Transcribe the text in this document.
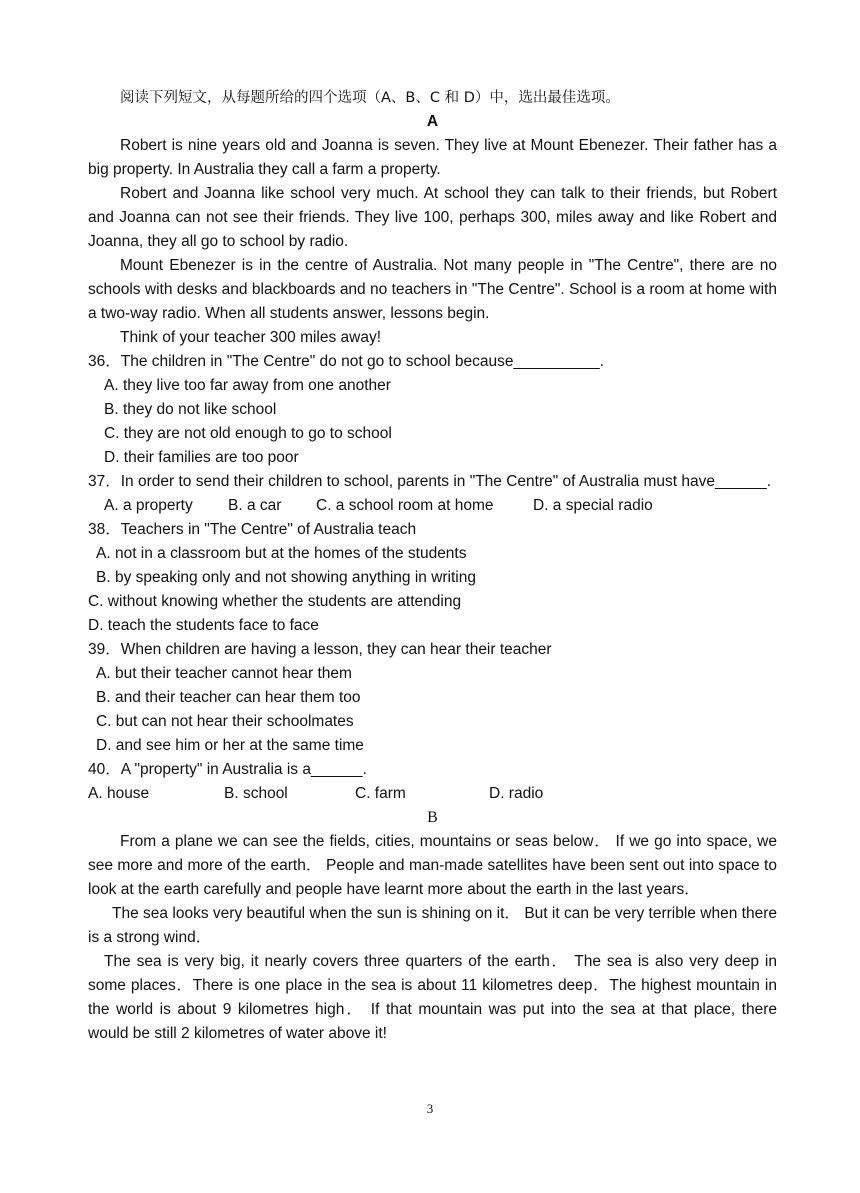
阅读下列短文，从每题所给的四个选项（A、B、C 和 D）中，选出最佳选项。
A

Robert is nine years old and Joanna is seven. They live at Mount Ebenezer. Their father has a big property. In Australia they call a farm a property.

Robert and Joanna like school very much. At school they can talk to their friends, but Robert and Joanna can not see their friends. They live 100, perhaps 300, miles away and like Robert and Joanna, they all go to school by radio.

Mount Ebenezer is in the centre of Australia. Not many people in "The Centre", there are no schools with desks and blackboards and no teachers in "The Centre". School is a room at home with a two-way radio. When all students answer, lessons begin.

Think of your teacher 300 miles away!

36．The children in "The Centre" do not go to school because__________.
A. they live too far away from one another
B. they do not like school
C. they are not old enough to go to school
D. their families are too poor

37．In order to send their children to school, parents in "The Centre" of Australia must have______.

A. a property	B. a car	C. a school room at home	D. a special radio
38．Teachers in "The Centre" of Australia teach
A. not in a classroom but at the homes of the students
B. by speaking only and not showing anything in writing
C. without knowing whether the students are attending
D. teach the students face to face
39．When children are having a lesson, they can hear their teacher
A. but their teacher cannot hear them
B. and their teacher can hear them too
C. but can not hear their schoolmates
D. and see him or her at the same time
40．A "property" in Australia is a______.
A. house	B. school	C. farm	D. radio
B

From a plane we can see the fields, cities, mountains or seas below． If we go into space, we see more and more of the earth． People and man-made satellites have been sent out into space to look at the earth carefully and people have learnt more about the earth in the last years．

The sea looks very beautiful when the sun is shining on it． But it can be very terrible when there is a strong wind．

The sea is very big, it nearly covers three quarters of the earth． The sea is also very deep in some places．There is one place in the sea is about 11 kilometres deep．The highest mountain in the world is about 9 kilometres high． If that mountain was put into the sea at that place, there would be still 2 kilometres of water above it!

3
